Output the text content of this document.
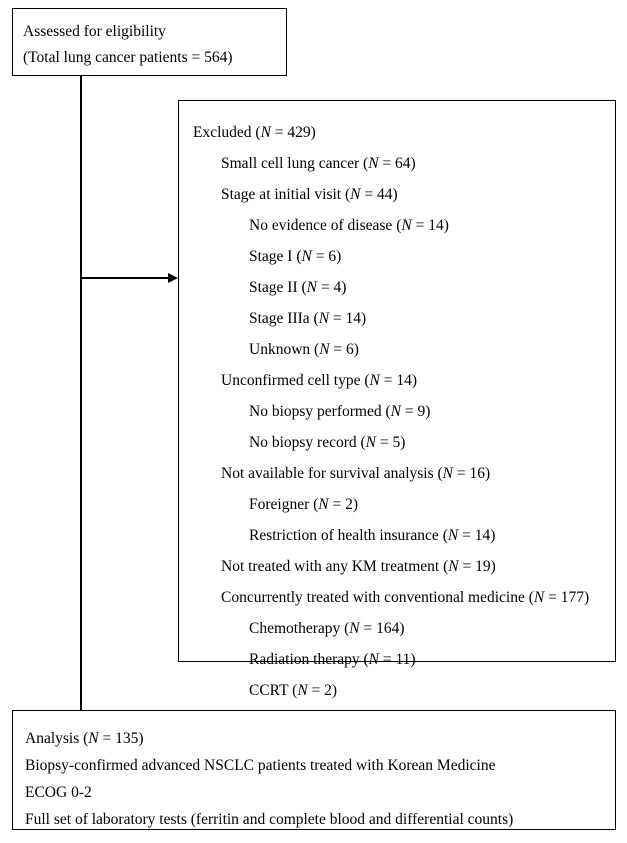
Assessed for eligibility
(Total lung cancer patients = 564)
Excluded (N = 429)
Small cell lung cancer (N = 64)
Stage at initial visit (N = 44)
No evidence of disease (N = 14)
Stage I (N = 6)
Stage II (N = 4)
Stage IIIa (N = 14)
Unknown (N = 6)
Unconfirmed cell type (N = 14)
No biopsy performed (N = 9)
No biopsy record (N = 5)
Not available for survival analysis (N = 16)
Foreigner (N = 2)
Restriction of health insurance (N = 14)
Not treated with any KM treatment (N = 19)
Concurrently treated with conventional medicine (N = 177)
Chemotherapy (N = 164)
Radiation therapy (N = 11)
CCRT (N = 2)
Analysis (N = 135)
Biopsy-confirmed advanced NSCLC patients treated with Korean Medicine
ECOG 0-2
Full set of laboratory tests (ferritin and complete blood and differential counts)
